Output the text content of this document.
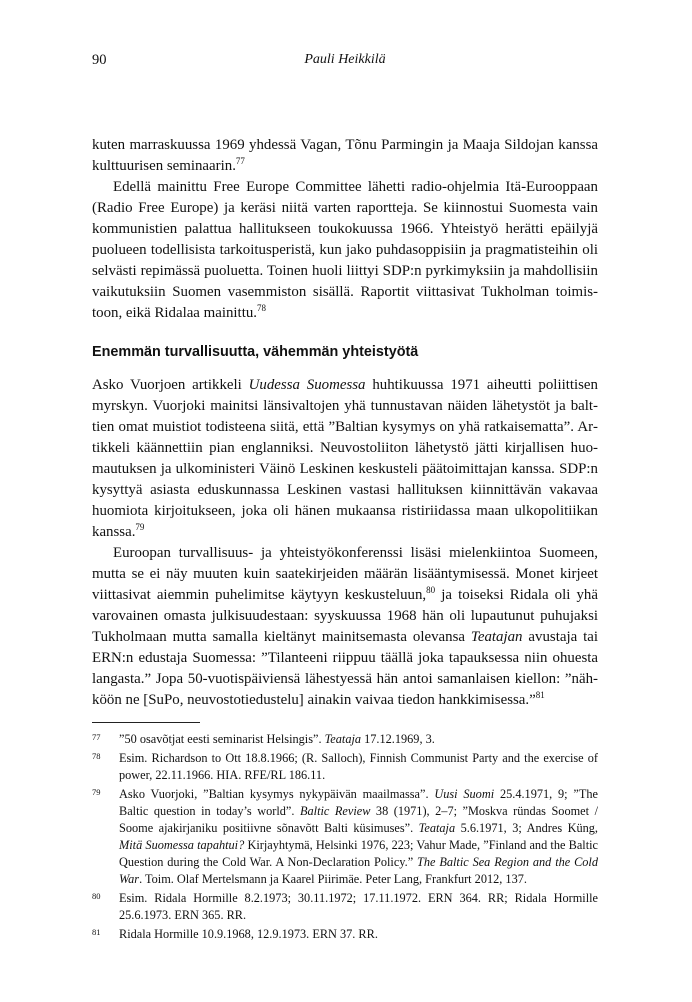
90	Pauli Heikkilä

kuten marraskuussa 1969 yhdessä Vagan, Tõnu Parmingin ja Maaja Sildojan kanssa kulttuurisen seminaarin.$^{77}$

Edellä mainittu Free Europe Committee lähetti radio-ohjelmia Itä-Eurooppaan (Radio Free Europe) ja keräsi niitä varten raportteja. Se kiinnostui Suomesta vain kommunistien palattua hallitukseen toukokuussa 1966. Yhteistyö herätti epäilyjä puolueen todellisista tarkoitusperistä, kun jako puhdasoppisiin ja pragmatisteihin oli selvästi repimässä puoluetta. Toinen huoli liittyi SDP:n pyrkimyksiin ja mahdollisiin vaikutuksiin Suomen vasemmiston sisällä. Raportit viittasivat Tukholman toimistoon, eikä Ridalaa mainittu.$^{78}$

Enemmän turvallisuutta, vähemmän yhteistyötä

Asko Vuorjoen artikkeli Uudessa Suomessa huhtikuussa 1971 aiheutti poliittisen myrskyn. Vuorjoki mainitsi länsivaltojen yhä tunnustavan näiden lähetystöt ja balttien omat muistiot todisteena siitä, että ”Baltian kysymys on yhä ratkaisematta”. Artikkeli käännettiin pian englanniksi. Neuvostoliiton lähetystö jätti kirjallisen huomautuksen ja ulkoministeri Väinö Leskinen keskusteli päätoimittajan kanssa. SDP:n kysyttyä asiasta eduskunnassa Leskinen vastasi hallituksen kiinnittävän vakavaa huomiota kirjoitukseen, joka oli hänen mukaansa ristiriidassa maan ulkopolitiikan kanssa.$^{79}$

Euroopan turvallisuus- ja yhteistyökonferenssi lisäsi mielenkiintoa Suomeen, mutta se ei näy muuten kuin saatekirjeiden määrän lisääntymisessä. Monet kirjeet viittasivat aiemmin puhelimitse käytyyn keskusteluun,$^{80}$ ja toiseksi Ridala oli yhä varovainen omasta julkisuudestaan: syyskuussa 1968 hän oli lupautunut puhujaksi Tukholmaan mutta samalla kieltänyt mainitsemasta olevansa Teatajan avustaja tai ERN:n edustaja Suomessa: ”Tilanteeni riippuu täällä joka tapauksessa niin ohuesta langasta.” Jopa 50-vuotispäiviensä lähestyessä hän antoi samanlaisen kiellon: ”nähköön ne [SuPo, neuvostotiedustelu] ainakin vaivaa tiedon hankkimisessa.”$^{81}$

77 ”50 osavõtjat eesti seminarist Helsingis”. Teataja 17.12.1969, 3.
78 Esim. Richardson to Ott 18.8.1966; (R. Salloch), Finnish Communist Party and the exercise of power, 22.11.1966. HIA. RFE/RL 186.11.
79 Asko Vuorjoki, ”Baltian kysymys nykypäivän maailmassa”. Uusi Suomi 25.4.1971, 9; ”The Baltic question in today’s world”. Baltic Review 38 (1971), 2–7; ”Moskva ründas Soomet / Soome ajakirjaniku positiivne sõnavõtt Balti küsimuses”. Teataja 5.6.1971, 3; Andres Küng, Mitä Suomessa tapahtui? Kirjayhtymä, Helsinki 1976, 223; Vahur Made, ”Finland and the Baltic Question during the Cold War. A Non-Declaration Policy.” The Baltic Sea Region and the Cold War. Toim. Olaf Mertelsmann ja Kaarel Piirimäe. Peter Lang, Frankfurt 2012, 137.
80 Esim. Ridala Hormille 8.2.1973; 30.11.1972; 17.11.1972. ERN 364. RR; Ridala Hormille 25.6.1973. ERN 365. RR.
81 Ridala Hormille 10.9.1968, 12.9.1973. ERN 37. RR.
